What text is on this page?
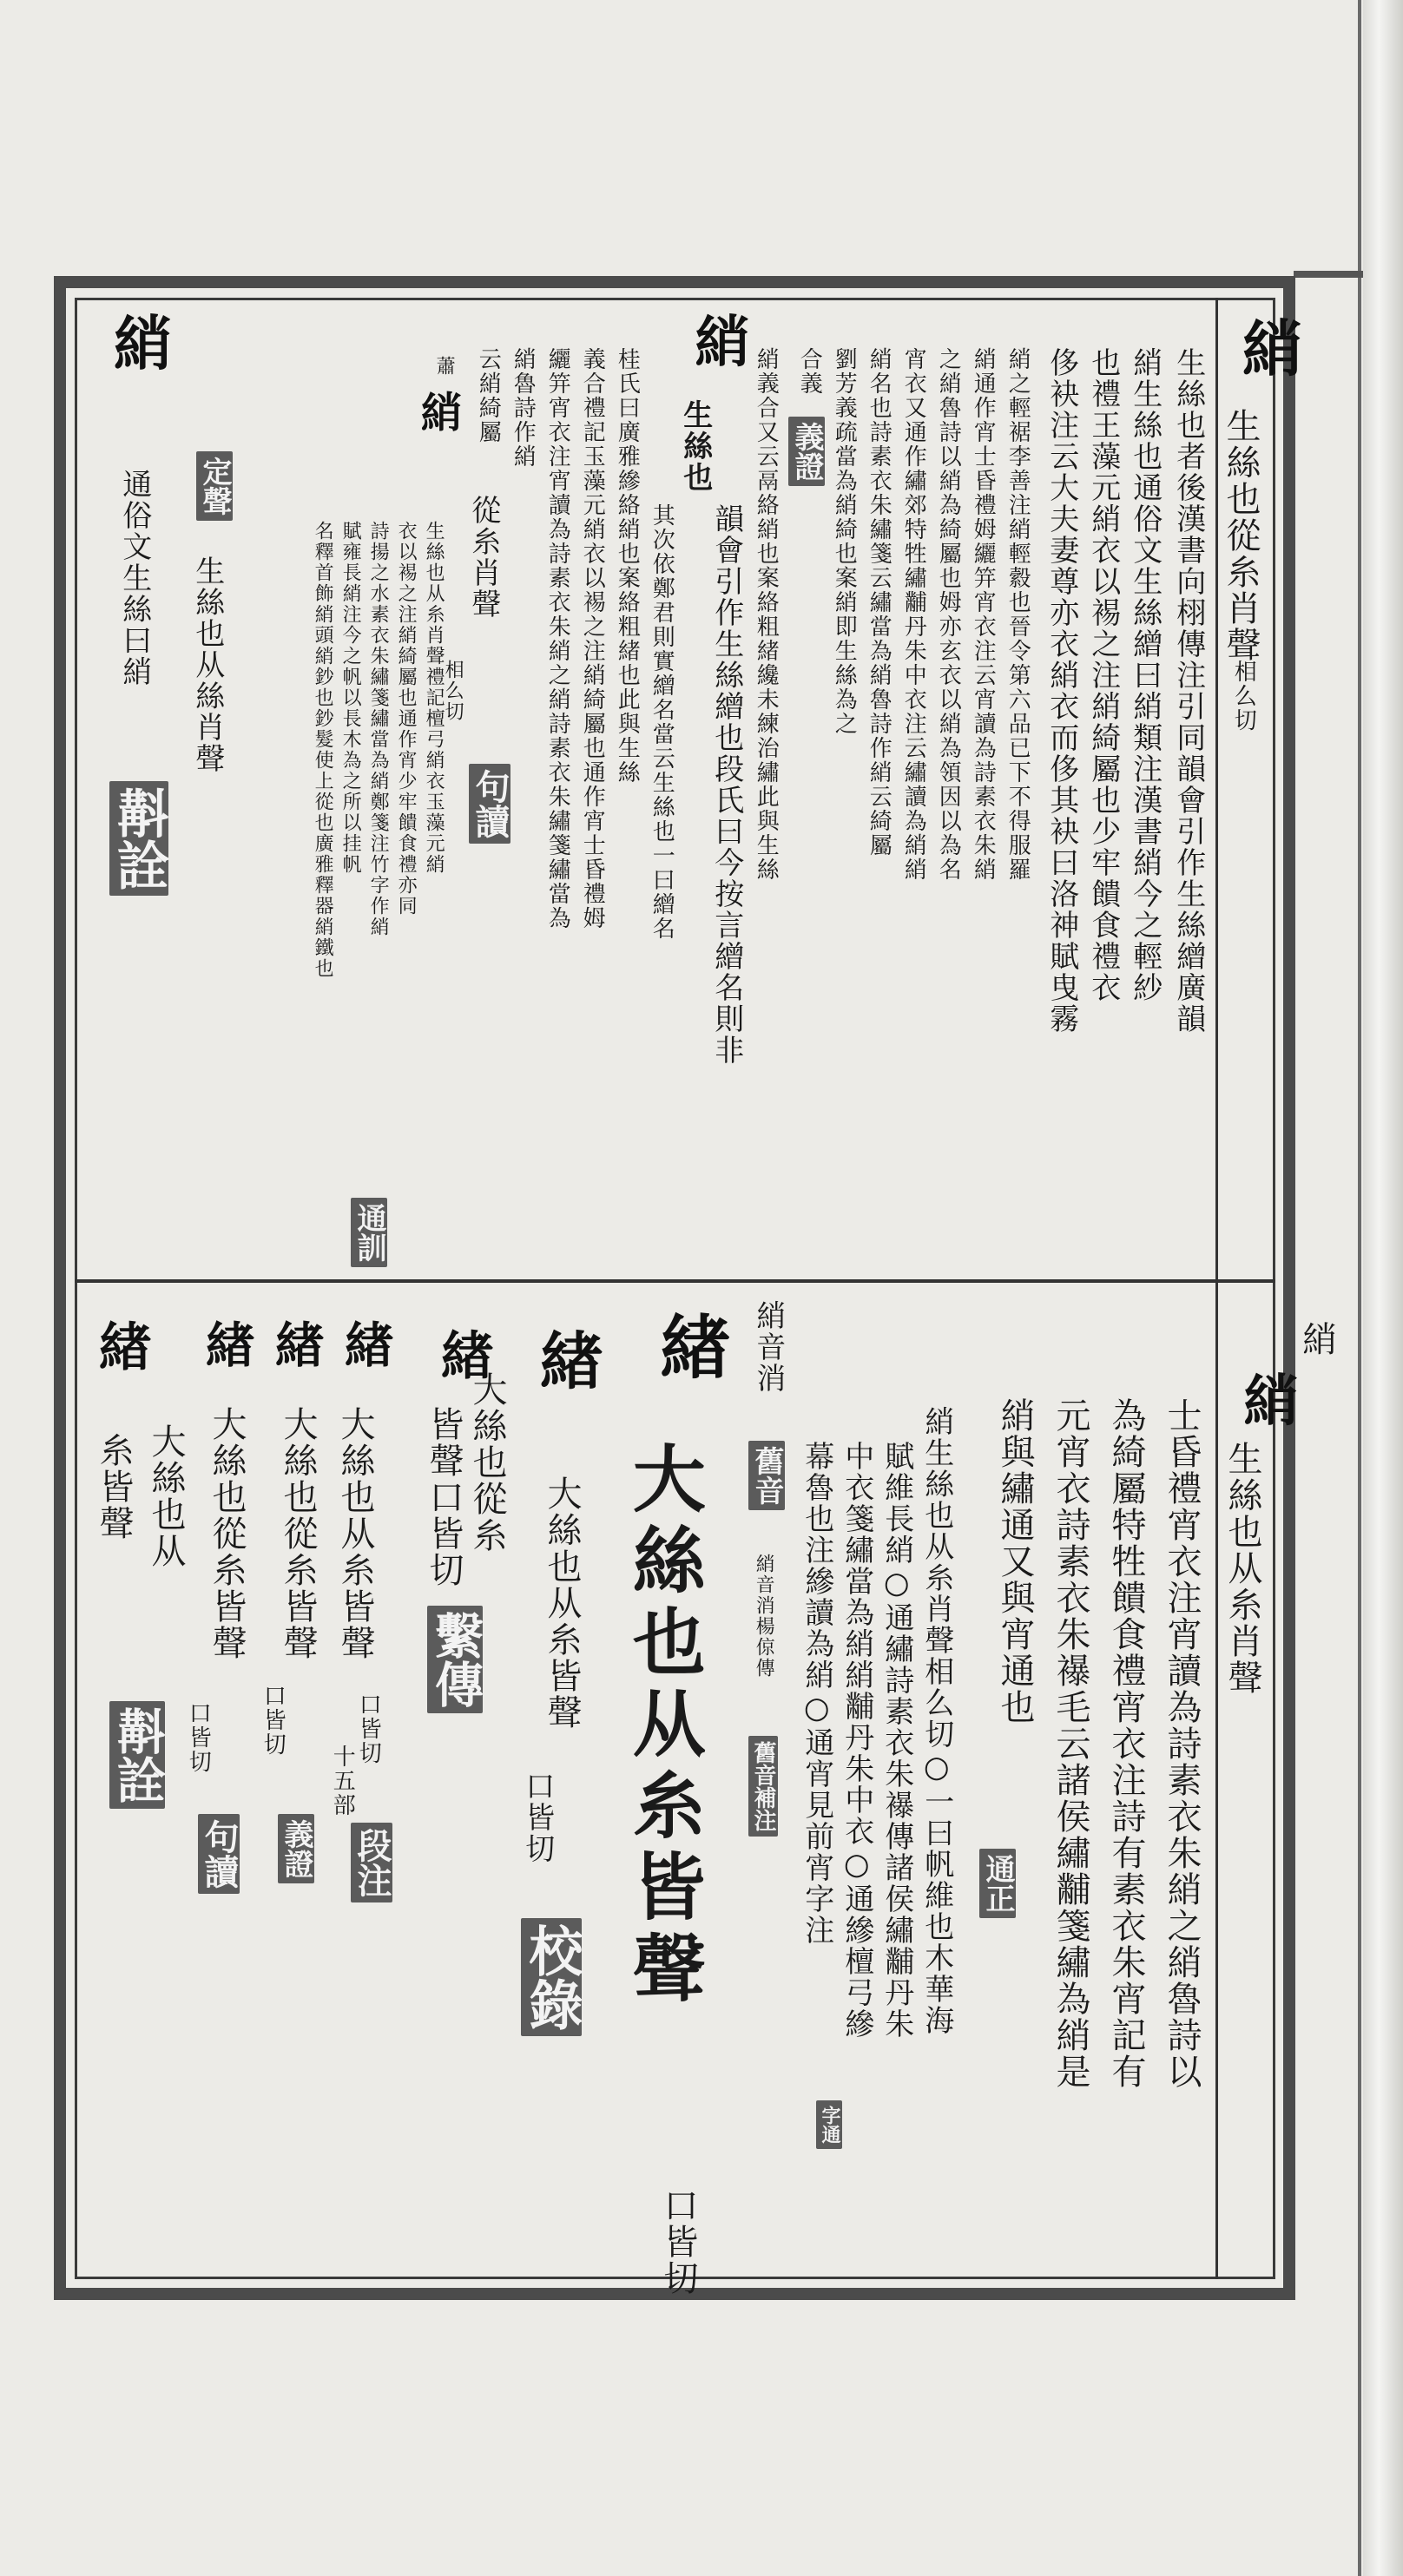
綃
生絲也從糸肖聲
相么切
生絲也者後漢書向栩傳注引同韻會引作生絲繒廣韻
綃生絲也通俗文生絲繒曰綃類注漢書綃今之輕紗
也禮王藻元綃衣以裼之注綃綺屬也少牢饋食禮衣
侈袂注云大夫妻尊亦衣綃衣而侈其袂曰洛神賦曳霧
綃之輕裾李善注綃輕縠也晉令第六品已下不得服羅
綃通作宵士昏禮姆纚笄宵衣注云宵讀為詩素衣朱綃
之綃魯詩以綃為綺屬也姆亦玄衣以綃為領因以為名
宵衣又通作繡郊特牲繡黼丹朱中衣注云繡讀為綃綃
綃名也詩素衣朱繡箋云繡當為綃魯詩作綃云綺屬
劉芳義疏當為綃綺也案綃即生絲為之
合義
義證
綃義合又云鬲絡綃也案絡粗緒纔未練治繡此與生絲
綃
生絲也
韻會引作生絲繒也段氏曰今按言繒名則非
其次依鄭君則實繒名當云生絲也一曰繒名
桂氏曰廣雅縿絡綃也案絡粗緒也此與生絲
義合禮記玉藻元綃衣以裼之注綃綺屬也通作宵士昏禮姆
纚笄宵衣注宵讀為詩素衣朱綃之綃詩素衣朱繡箋繡當為
綃魯詩作綃
云綃綺屬
從糸肖聲
相么切
句讀
蕭
綃
生絲也从糸肖聲禮記檀弓綃衣玉藻元綃
衣以裼之注綃綺屬也通作宵少牢饋食禮亦同
詩揚之水素衣朱繡箋繡當為綃鄭箋注竹字作綃
賦雍長綃注今之帆以長木為之所以挂帆
名釋首飾綃頭綃鈔也鈔髮使上從也廣雅釋器綃鐵也
通訓
綃
定聲
生絲也从絲肖聲
通俗文生絲曰綃
斠詮
綃
綃
生絲也从糸肖聲
士昏禮宵衣注宵讀為詩素衣朱綃之綃魯詩以
為綺屬特牲饋食禮宵衣注詩有素衣朱宵記有
元宵衣詩素衣朱襮毛云諸侯繡黼箋繡為綃是
綃與繡通又與宵通也
通正
綃生絲也从糸肖聲相么切○一曰帆維也木華海
賦維長綃○通繡詩素衣朱襮傳諸侯繡黼丹朱
中衣箋繡當為綃綃黼丹朱中衣○通縿檀弓縿
幕魯也注縿讀為綃○通宵見前宵字注
字通
綃音消
舊音
綃音消楊倞傳
舊音補注
緖
大絲也从糸皆聲
口皆切
緖
大絲也从糸皆聲
口皆切
校錄
緖
大絲也從糸
皆聲口皆切
繫傳
緖
大絲也从糸皆聲
口皆切
十五部
段注
緖
大絲也從糸皆聲
口皆切
義證
緖
大絲也從糸皆聲
口皆切
句讀
緖
大絲也从
糸皆聲
斠詮
